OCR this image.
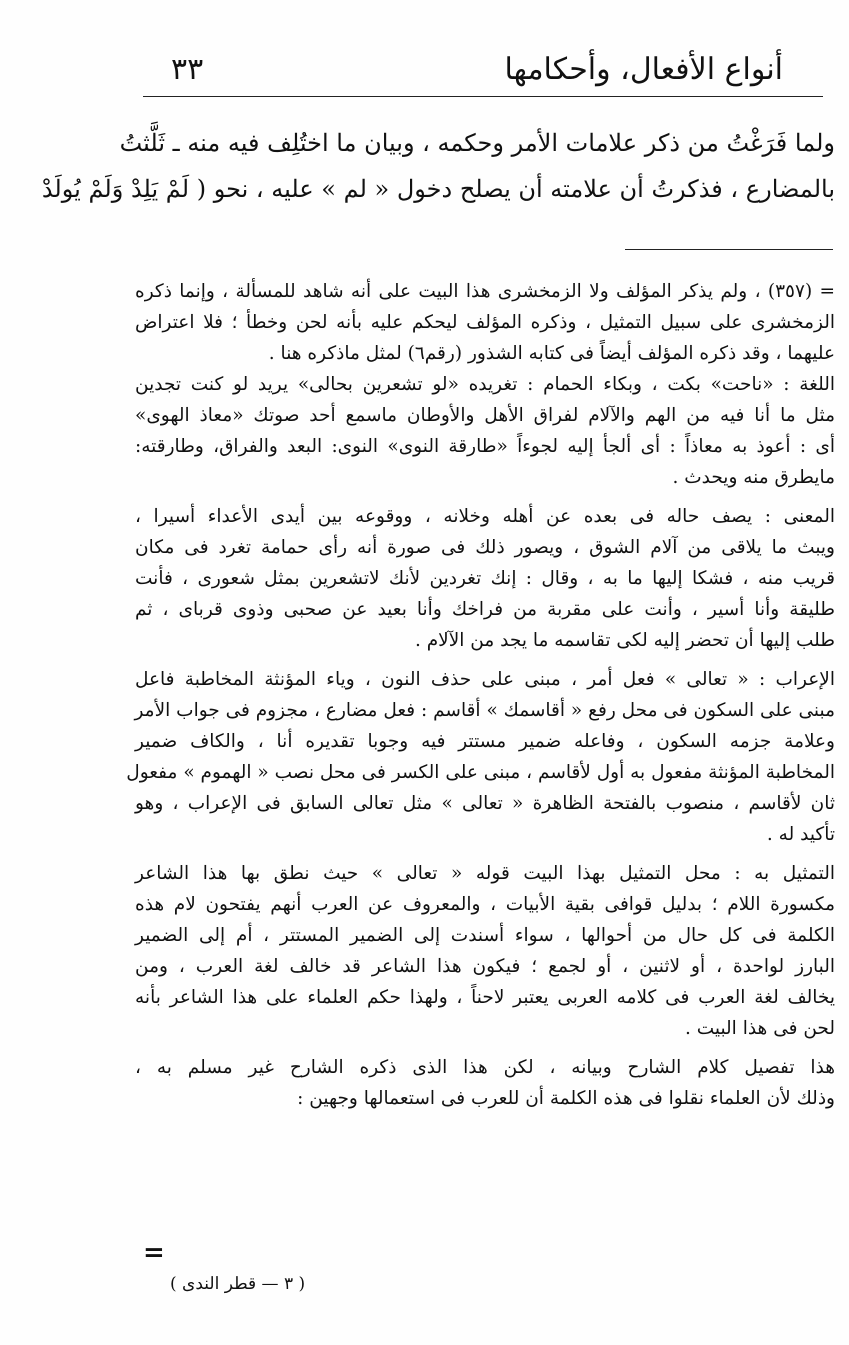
أنواع الأفعال، وأحكامها
٣٣
ولما فَرَغْتُ من ذكر علامات الأمر وحكمه ، وبيان ما اختُلِف فيه منه ـ ثَلَّثتُ
بالمضارع ، فذكرتُ أن علامته أن يصلح دخول « لم » عليه ، نحو ( لَمْ يَلِدْ وَلَمْ يُولَدْ
= (٣٥٧) ، ولم يذكر المؤلف ولا الزمخشرى هذا البيت على أنه شاهد للمسألة ، وإنما ذكره
الزمخشرى على سبيل التمثيل ، وذكره المؤلف ليحكم عليه بأنه لحن وخطأ ؛ فلا اعتراض
عليهما ، وقد ذكره المؤلف أيضاً فى كتابه الشذور (رقم٦) لمثل ماذكره هنا .
اللغة : «ناحت» بكت ، وبكاء الحمام : تغريده «لو تشعرين بحالى» يريد لو كنت تجدين
مثل ما أنا فيه من الهم والآلام لفراق الأهل والأوطان ماسمع أحد صوتك «معاذ الهوى»
أى : أعوذ به معاذاً : أى ألجأ إليه لجوءاً «طارقة النوى» النوى: البعد والفراق، وطارقته:
مايطرق منه ويحدث .
المعنى : يصف حاله فى بعده عن أهله وخلانه ، ووقوعه بين أيدى الأعداء أسيرا ،
ويبث ما يلاقى من آلام الشوق ، ويصور ذلك فى صورة أنه رأى حمامة تغرد فى مكان
قريب منه ، فشكا إليها ما به ، وقال : إنك تغردين لأنك لاتشعرين بمثل شعورى ، فأنت
طليقة وأنا أسير ، وأنت على مقربة من فراخك وأنا بعيد عن صحبى وذوى قرباى ، ثم
طلب إليها أن تحضر إليه لكى تقاسمه ما يجد من الآلام .
الإعراب : « تعالى » فعل أمر ، مبنى على حذف النون ، وياء المؤنثة المخاطبة فاعل
مبنى على السكون فى محل رفع « أقاسمك » أقاسم : فعل مضارع ، مجزوم فى جواب الأمر
وعلامة جزمه السكون ، وفاعله ضمير مستتر فيه وجوبا تقديره أنا ، والكاف ضمير
المخاطبة المؤنثة مفعول به أول لأقاسم ، مبنى على الكسر فى محل نصب « الهموم » مفعول
ثان لأقاسم ، منصوب بالفتحة الظاهرة « تعالى » مثل تعالى السابق فى الإعراب ، وهو
تأكيد له .
التمثيل به : محل التمثيل بهذا البيت قوله « تعالى » حيث نطق بها هذا الشاعر
مكسورة اللام ؛ بدليل قوافى بقية الأبيات ، والمعروف عن العرب أنهم يفتحون لام هذه
الكلمة فى كل حال من أحوالها ، سواء أسندت إلى الضمير المستتر ، أم إلى الضمير
البارز لواحدة ، أو لاثنين ، أو لجمع ؛ فيكون هذا الشاعر قد خالف لغة العرب ، ومن
يخالف لغة العرب فى كلامه العربى يعتبر لاحناً ، ولهذا حكم العلماء على هذا الشاعر بأنه
لحن فى هذا البيت .
هذا تفصيل كلام الشارح وبيانه ، لكن هذا الذى ذكره الشارح غير مسلم به ،
وذلك لأن العلماء نقلوا فى هذه الكلمة أن للعرب فى استعمالها وجهين :
=
( ٣ — قطر الندى )
